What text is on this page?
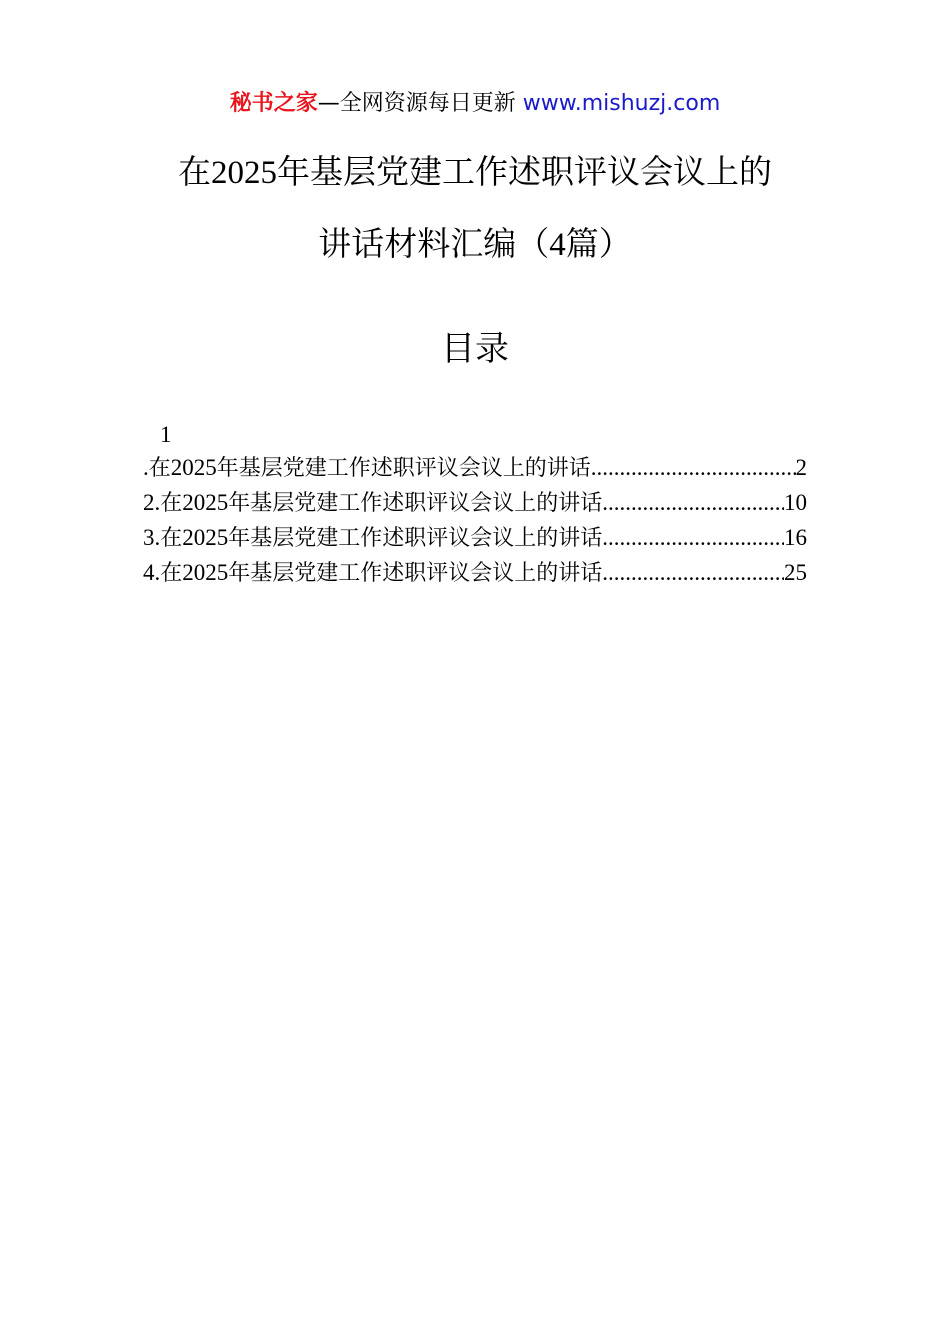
秘书之家—全网资源每日更新 www.mishuzj.com
在2025年基层党建工作述职评议会议上的
讲话材料汇编（4篇）
目录
1
. 在2025年基层党建工作述职评议会议上的讲话 .....	2
2. 在2025年基层党建工作述职评议会议上的讲话 .....	10
3. 在2025年基层党建工作述职评议会议上的讲话 .....	16
4. 在2025年基层党建工作述职评议会议上的讲话 .....	25
